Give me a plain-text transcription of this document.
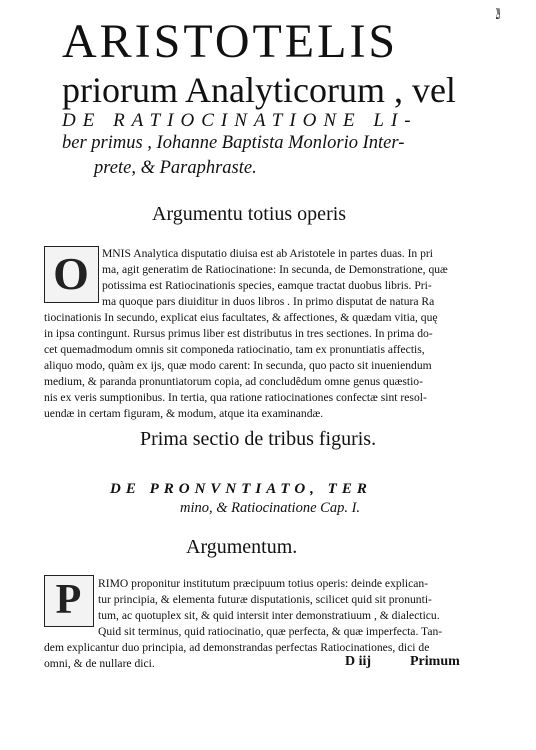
29
ARISTOTELIS
priorum Analyticorum , vel
DE RATIOCINATIONE LI-
ber primus , Iohanne Baptista Monlorio Inter-
prete, & Paraphraste.
Argumentu totius operis
O	MNIS Analytica disputatio diuisa est ab Aristotele in partes duas. In pri
ma, agit generatim de Ratiocinatione: In secunda, de Demonstratione, quæ
potissima est Ratiocinationis species, eamque tractat duobus libris. Pri-
ma quoque pars diuiditur in duos libros . In primo disputat de natura Ra
tiocinationis In secundo, explicat eius facultates, & affectiones, & quædam vitia, quę
in ipsa contingunt. Rursus primus liber est distributus in tres sectiones. In prima do-
cet quemadmodum omnis sit componeda ratiocinatio, tam ex pronuntiatis affectis,
aliquo modo, quàm ex ijs, quæ modo carent: In secunda, quo pacto sit inueniendum
medium, & paranda pronuntiatorum copia, ad concludêdum omne genus quæstio-
nis ex veris sumptionibus. In tertia, qua ratione ratiocinationes confectæ sint resol-
uendæ in certam figuram, & modum, atque ita examinandæ.
Prima sectio de tribus figuris.
DE PRONVNTIATO, TER
mino, & Ratiocinatione Cap. I.
Argumentum.
P	RIMO proponitur institutum præcipuum totius operis: deinde explican-
tur principia, & elementa futuræ disputationis, scilicet quid sit pronunti-
tum, ac quotuplex sit, & quid intersit inter demonstratiuum , & dialecticu.
Quid sit terminus, quid ratiocinatio, quæ perfecta, & quæ imperfecta. Tan-
dem explicantur duo principia, ad demonstrandas perfectas Ratiocinationes, dici de
omni, & de nullare dici.	D iij	Primum
